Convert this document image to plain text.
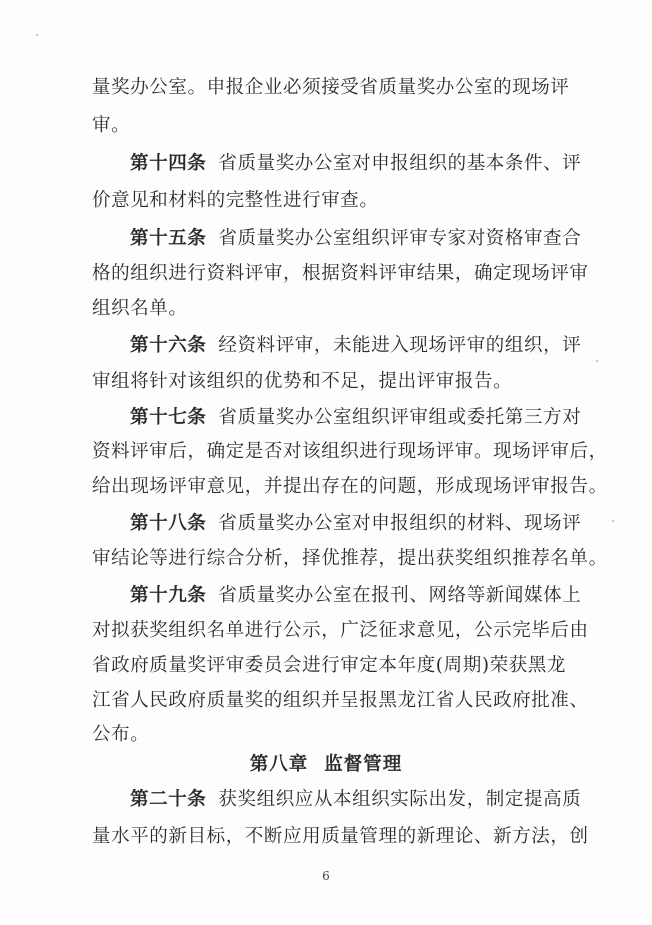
量奖办公室。申报企业必须接受省质量奖办公室的现场评
审。
第十四条 省质量奖办公室对申报组织的基本条件、评
价意见和材料的完整性进行审查。
第十五条 省质量奖办公室组织评审专家对资格审查合
格的组织进行资料评审，根据资料评审结果，确定现场评审
组织名单。
第十六条 经资料评审，未能进入现场评审的组织，评
审组将针对该组织的优势和不足，提出评审报告。
第十七条 省质量奖办公室组织评审组或委托第三方对
资料评审后，确定是否对该组织进行现场评审。现场评审后，
给出现场评审意见，并提出存在的问题，形成现场评审报告。
第十八条 省质量奖办公室对申报组织的材料、现场评
审结论等进行综合分析，择优推荐，提出获奖组织推荐名单。
第十九条 省质量奖办公室在报刊、网络等新闻媒体上
对拟获奖组织名单进行公示，广泛征求意见，公示完毕后由
省政府质量奖评审委员会进行审定本年度(周期)荣获黑龙
江省人民政府质量奖的组织并呈报黑龙江省人民政府批准、
公布。
第八章 监督管理
第二十条 获奖组织应从本组织实际出发，制定提高质
量水平的新目标，不断应用质量管理的新理论、新方法，创
6
